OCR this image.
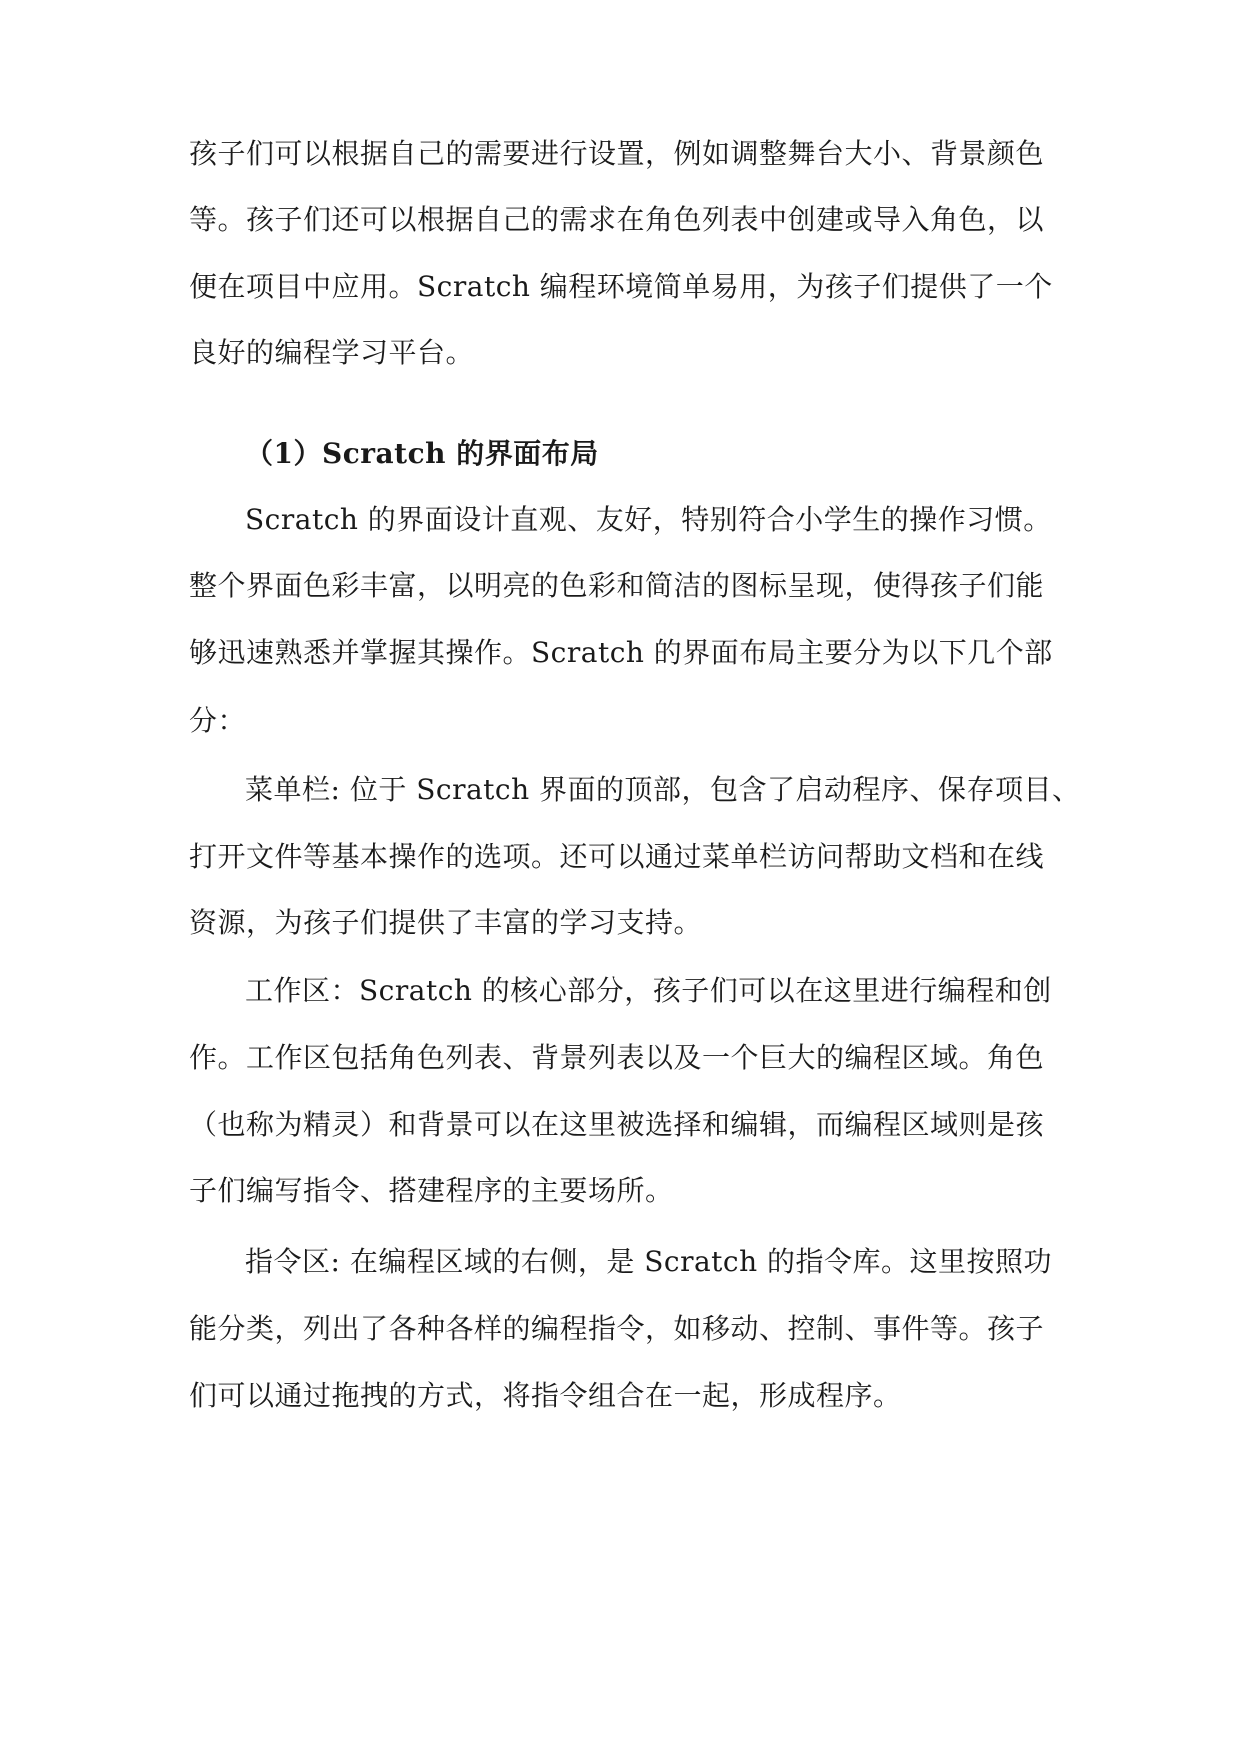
孩子们可以根据自己的需要进行设置，例如调整舞台大小、背景颜色
等。孩子们还可以根据自己的需求在角色列表中创建或导入角色，以
便在项目中应用。Scratch 编程环境简单易用，为孩子们提供了一个
良好的编程学习平台。
（1）Scratch 的界面布局
Scratch 的界面设计直观、友好，特别符合小学生的操作习惯。
整个界面色彩丰富，以明亮的色彩和简洁的图标呈现，使得孩子们能
够迅速熟悉并掌握其操作。Scratch 的界面布局主要分为以下几个部
分：
菜单栏: 位于 Scratch 界面的顶部，包含了启动程序、保存项目、
打开文件等基本操作的选项。还可以通过菜单栏访问帮助文档和在线
资源，为孩子们提供了丰富的学习支持。
工作区：Scratch 的核心部分，孩子们可以在这里进行编程和创
作。工作区包括角色列表、背景列表以及一个巨大的编程区域。角色
（也称为精灵）和背景可以在这里被选择和编辑，而编程区域则是孩
子们编写指令、搭建程序的主要场所。
指令区: 在编程区域的右侧，是 Scratch 的指令库。这里按照功
能分类，列出了各种各样的编程指令，如移动、控制、事件等。孩子
们可以通过拖拽的方式，将指令组合在一起，形成程序。
